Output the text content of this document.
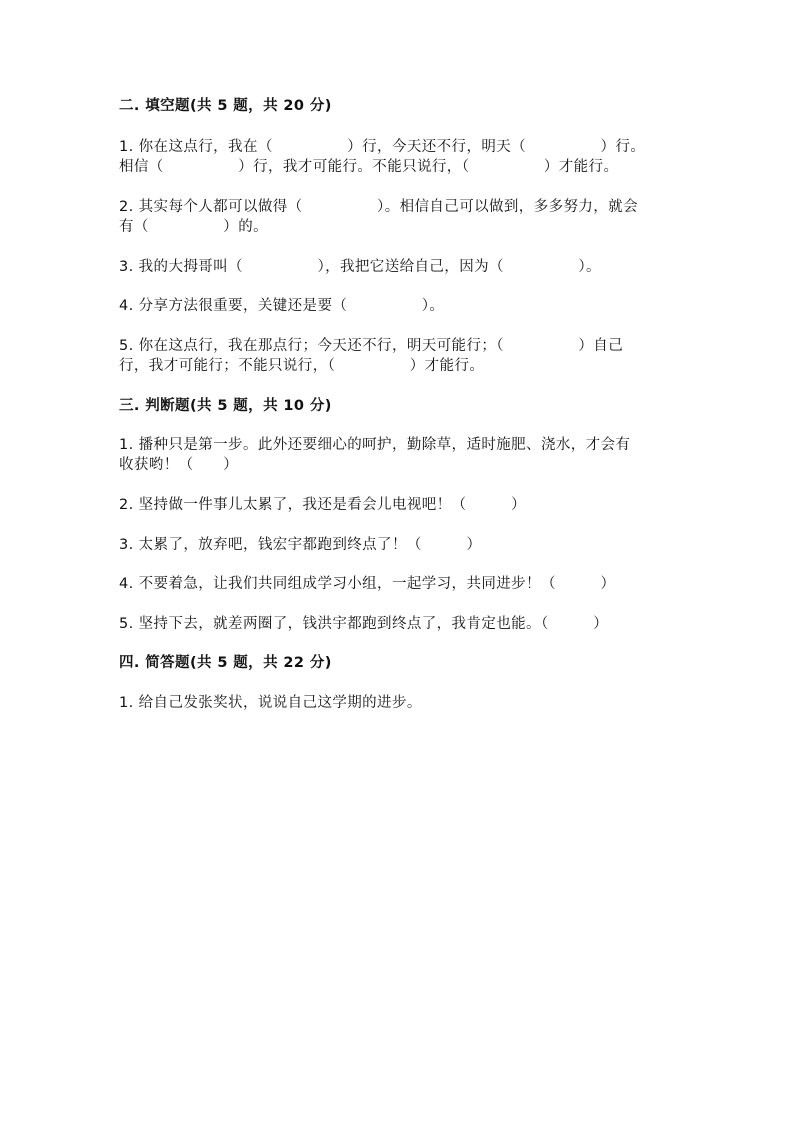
二. 填空题(共 5 题，共 20 分)
1. 你在这点行，我在（　　　　　）行，今天还不行，明天（　　　　　）行。
相信（　　　　　）行，我才可能行。不能只说行，（　　　　　）才能行。
2. 其实每个人都可以做得（　　　　　）。相信自己可以做到，多多努力，就会
有（　　　　　）的。
3. 我的大拇哥叫（　　　　　），我把它送给自己，因为（　　　　　）。
4. 分享方法很重要，关键还是要（　　　　　）。
5. 你在这点行，我在那点行；今天还不行，明天可能行；（　　　　　）自己
行，我才可能行；不能只说行，（　　　　　）才能行。
三. 判断题(共 5 题，共 10 分)
1. 播种只是第一步。此外还要细心的呵护，勤除草，适时施肥、浇水，才会有
收获哟！（　　）
2. 坚持做一件事儿太累了，我还是看会儿电视吧！（　　　）
3. 太累了，放弃吧，钱宏宇都跑到终点了！（　　　）
4. 不要着急，让我们共同组成学习小组，一起学习，共同进步！（　　　）
5. 坚持下去，就差两圈了，钱洪宇都跑到终点了，我肯定也能。（　　　）
四. 简答题(共 5 题，共 22 分)
1. 给自己发张奖状，说说自己这学期的进步。
